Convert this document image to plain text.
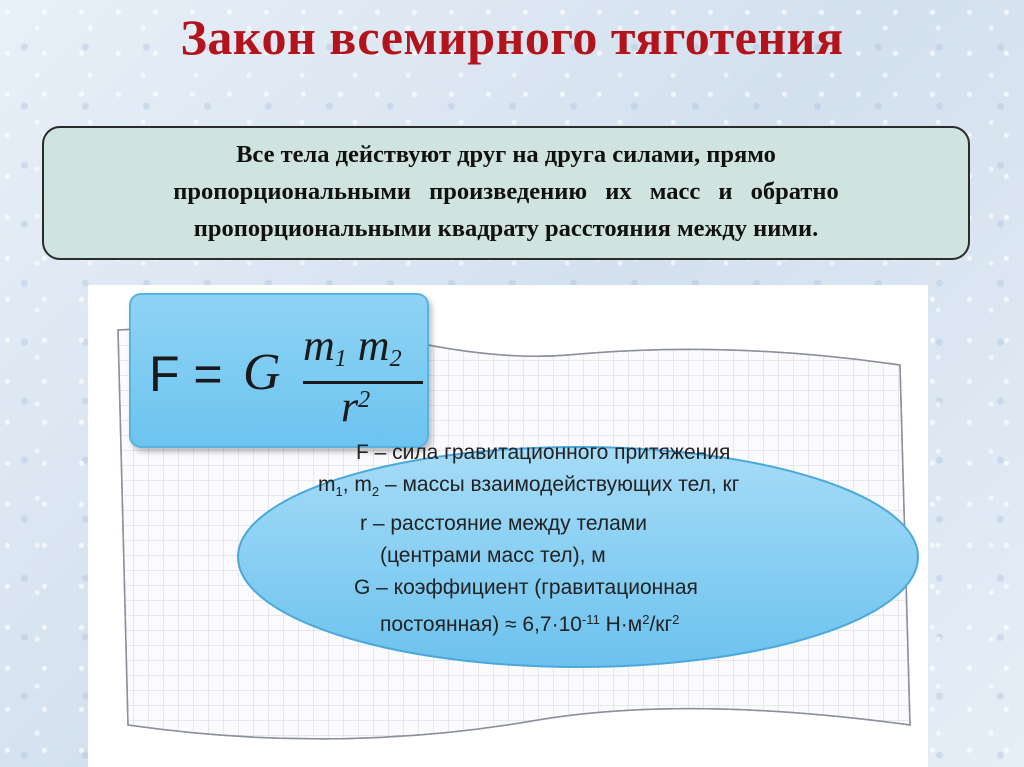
Закон всемирного тяготения
Все тела действуют друг на друга силами, прямо
пропорциональными произведению их масс и обратно
пропорциональными квадрату расстояния между ними.
F = G $m_1$ $m_2$
$r^2$
F – сила гравитационного притяжения
$m_1$, $m_2$ – массы взаимодействующих тел, кг
r – расстояние между телами
(центрами масс тел), м
G – коэффициент (гравитационная
постоянная) ≈ $6,7\cdot 10^{-11}$ $Н\cdot м^2/кг^2$
